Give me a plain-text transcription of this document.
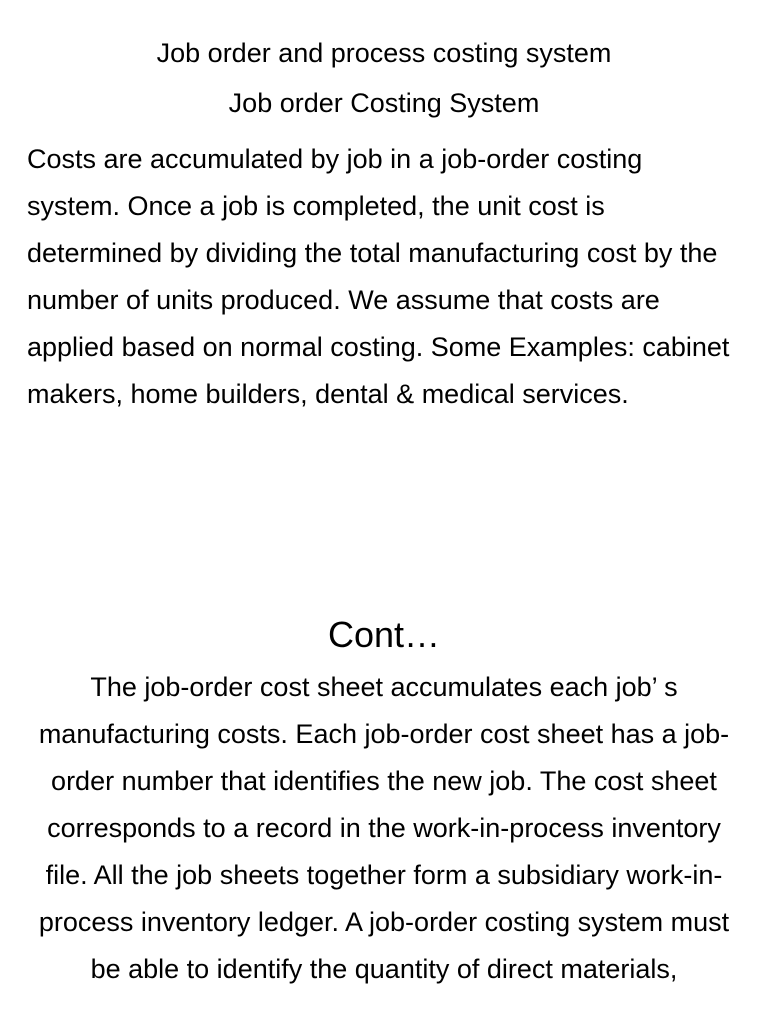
Job order and process costing system
Job order Costing System

Costs are accumulated by job in a job-order costing system. Once a job is completed, the unit cost is determined by dividing the total manufacturing cost by the number of units produced. We assume that costs are applied based on normal costing. Some Examples: cabinet makers, home builders, dental & medical services.

Cont…

The job-order cost sheet accumulates each job’ s manufacturing costs. Each job-order cost sheet has a job-order number that identifies the new job. The cost sheet corresponds to a record in the work-in-process inventory file. All the job sheets together form a subsidiary work-in-process inventory ledger. A job-order costing system must be able to identify the quantity of direct materials,
